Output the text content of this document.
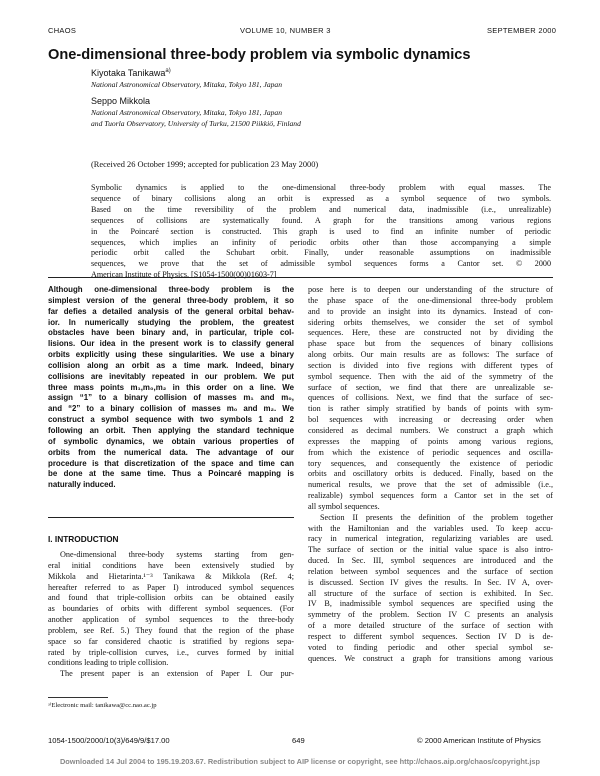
CHAOS	VOLUME 10, NUMBER 3	SEPTEMBER 2000
One-dimensional three-body problem via symbolic dynamics
Kiyotaka Tanikawa$^{a)}$
National Astronomical Observatory, Mitaka, Tokyo 181, Japan
Seppo Mikkola
National Astronomical Observatory, Mitaka, Tokyo 181, Japan
and Tuorla Observatory, University of Turku, 21500 Piikkiö, Finland
(Received 26 October 1999; accepted for publication 23 May 2000)
Symbolic dynamics is applied to the one-dimensional three-body problem with equal masses. The
sequence of binary collisions along an orbit is expressed as a symbol sequence of two symbols.
Based on the time reversibility of the problem and numerical data, inadmissible (i.e., unrealizable)
sequences of collisions are systematically found. A graph for the transitions among various regions
in the Poincaré section is constructed. This graph is used to find an infinite number of periodic
sequences, which implies an infinity of periodic orbits other than those accompanying a simple
periodic orbit called the Schubart orbit. Finally, under reasonable assumptions on inadmissible
sequences, we prove that the set of admissible symbol sequences forms a Cantor set. © 2000
American Institute of Physics. [S1054-1500(00)01603-7]
Although one-dimensional three-body problem is the
simplest version of the general three-body problem, it so
far defies a detailed analysis of the general orbital behav-
ior. In numerically studying the problem, the greatest
obstacles have been binary and, in particular, triple col-
lisions. Our idea in the present work is to classify general
orbits explicitly using these singularities. We use a binary
collision along an orbit as a time mark. Indeed, binary
collisions are inevitably repeated in our problem. We put
three mass points m₁,m₀,m₂ in this order on a line. We
assign “1” to a binary collision of masses m₁ and m₀,
and “2” to a binary collision of masses m₀ and m₂. We
construct a symbol sequence with two symbols 1 and 2
following an orbit. Then applying the standard technique
of symbolic dynamics, we obtain various properties of
orbits from the numerical data. The advantage of our
procedure is that discretization of the space and time can
be done at the same time. Thus a Poincaré mapping is
naturally induced.
I. INTRODUCTION
One-dimensional three-body systems starting from gen-
eral initial conditions have been extensively studied by
Mikkola and Hietarinta.¹⁻³ Tanikawa & Mikkola (Ref. 4;
hereafter referred to as Paper I) introduced symbol sequences
and found that triple-collision orbits can be obtained easily
as boundaries of orbits with different symbol sequences. (For
another application of symbol sequences to the three-body
problem, see Ref. 5.) They found that the region of the phase
space so far considered chaotic is stratified by regions sepa-
rated by triple-collision curves, i.e., curves formed by initial
conditions leading to triple collision.
The present paper is an extension of Paper I. Our pur-
ᵃ⁾Electronic mail: tanikawa@cc.nao.ac.jp
pose here is to deepen our understanding of the structure of
the phase space of the one-dimensional three-body problem
and to provide an insight into its dynamics. Instead of con-
sidering orbits themselves, we consider the set of symbol
sequences. Here, these are constructed not by dividing the
phase space but from the sequences of binary collisions
along orbits. Our main results are as follows: The surface of
section is divided into five regions with different types of
symbol sequence. Then with the aid of the symmetry of the
surface of section, we find that there are unrealizable se-
quences of collisions. Next, we find that the surface of sec-
tion is rather simply stratified by bands of points with sym-
bol sequences with increasing or decreasing order when
considered as decimal numbers. We construct a graph which
expresses the mapping of points among various regions,
from which the existence of periodic sequences and oscilla-
tory sequences, and consequently the existence of periodic
orbits and oscillatory orbits is deduced. Finally, based on the
numerical results, we prove that the set of admissible (i.e.,
realizable) symbol sequences form a Cantor set in the set of
all symbol sequences.
Section II presents the definition of the problem together
with the Hamiltonian and the variables used. To keep accu-
racy in numerical integration, regularizing variables are used.
The surface of section or the initial value space is also intro-
duced. In Sec. III, symbol sequences are introduced and the
relation between symbol sequences and the surface of section
is discussed. Section IV gives the results. In Sec. IV A, over-
all structure of the surface of section is exhibited. In Sec.
IV B, inadmissible symbol sequences are specified using the
symmetry of the problem. Section IV C presents an analysis
of a more detailed structure of the surface of section with
respect to different symbol sequences. Section IV D is de-
voted to finding periodic and other special symbol se-
quences. We construct a graph for transitions among various
1054-1500/2000/10(3)/649/9/$17.00	649	© 2000 American Institute of Physics
Downloaded 14 Jul 2004 to 195.19.203.67. Redistribution subject to AIP license or copyright, see http://chaos.aip.org/chaos/copyright.jsp
